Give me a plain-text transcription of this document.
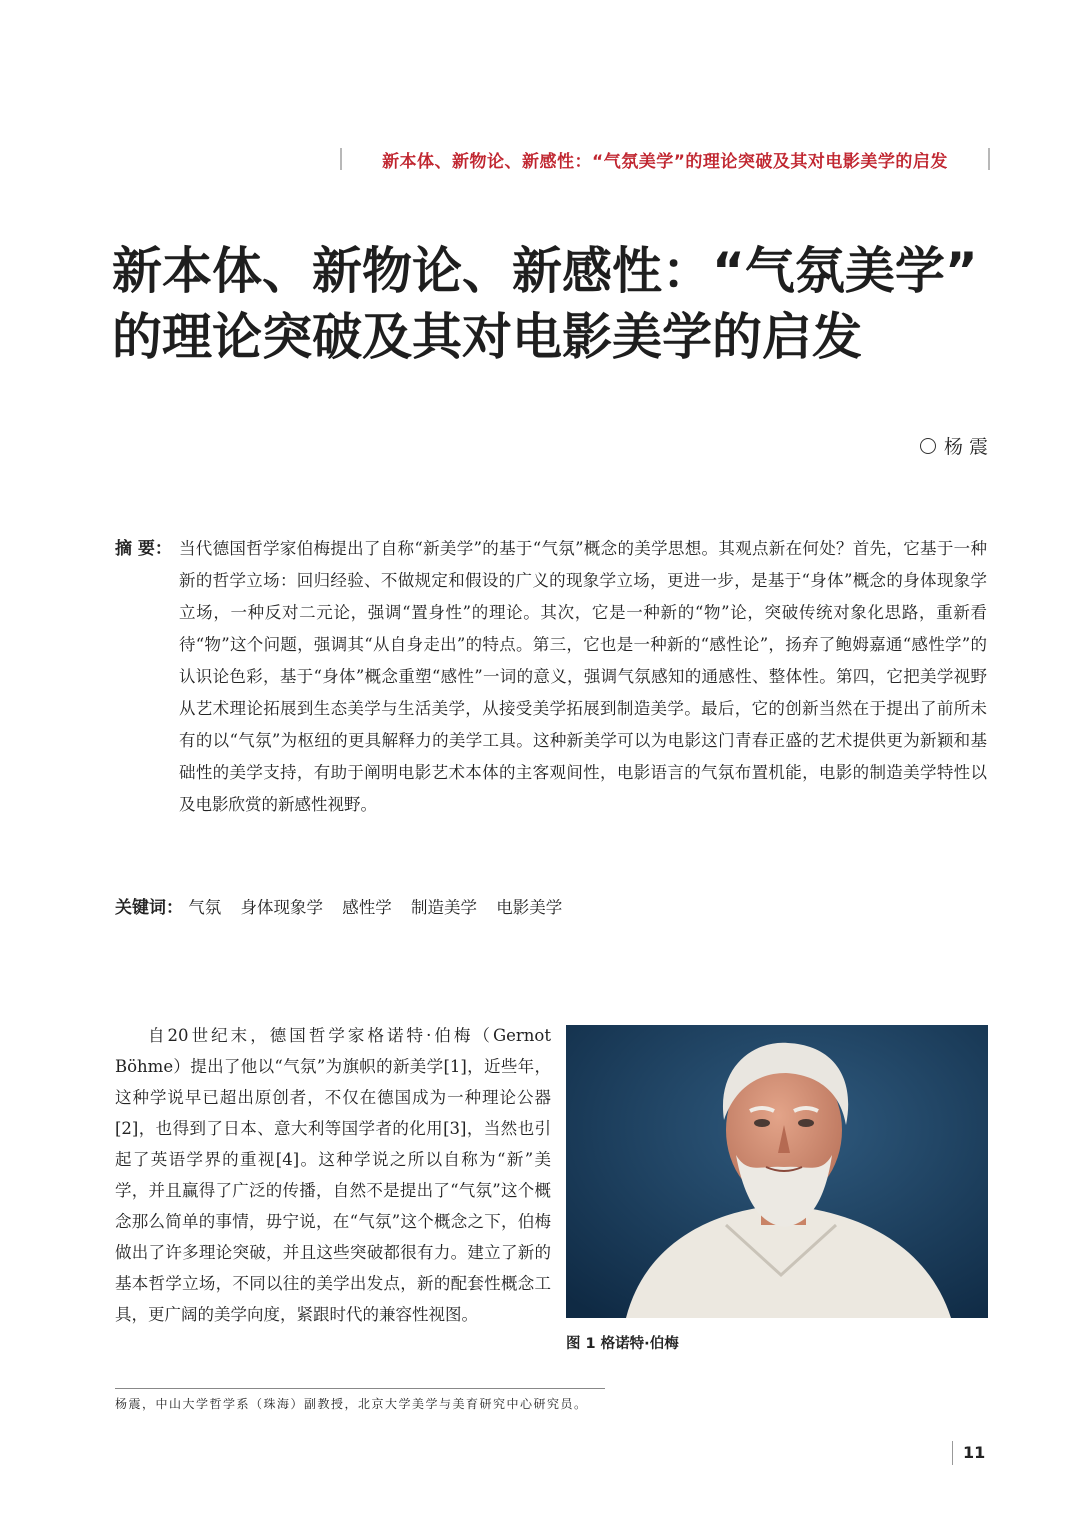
新本体、新物论、新感性：“气氛美学”的理论突破及其对电影美学的启发
新本体、新物论、新感性：“气氛美学”
的理论突破及其对电影美学的启发
杨 震
摘 要： 当代德国哲学家伯梅提出了自称“新美学”的基于“气氛”概念的美学思想。其观点新在何处？首先，它基于一种新的哲学立场：回归经验、不做规定和假设的广义的现象学立场，更进一步，是基于“身体”概念的身体现象学立场，一种反对二元论，强调“置身性”的理论。其次，它是一种新的“物”论，突破传统对象化思路，重新看待“物”这个问题，强调其“从自身走出”的特点。第三，它也是一种新的“感性论”，扬弃了鲍姆嘉通“感性学”的认识论色彩，基于“身体”概念重塑“感性”一词的意义，强调气氛感知的通感性、整体性。第四，它把美学视野从艺术理论拓展到生态美学与生活美学，从接受美学拓展到制造美学。最后，它的创新当然在于提出了前所未有的以“气氛”为枢纽的更具解释力的美学工具。这种新美学可以为电影这门青春正盛的艺术提供更为新颖和基础性的美学支持，有助于阐明电影艺术本体的主客观间性，电影语言的气氛布置机能，电影的制造美学特性以及电影欣赏的新感性视野。
关键词： 气氛 身体现象学 感性学 制造美学 电影美学

自20世纪末，德国哲学家格诺特·伯梅（Gernot Böhme）提出了他以“气氛”为旗帜的新美学[1]，近些年，这种学说早已超出原创者，不仅在德国成为一种理论公器[2]，也得到了日本、意大利等国学者的化用[3]，当然也引起了英语学界的重视[4]。这种学说之所以自称为“新”美学，并且赢得了广泛的传播，自然不是提出了“气氛”这个概念那么简单的事情，毋宁说，在“气氛”这个概念之下，伯梅做出了许多理论突破，并且这些突破都很有力。建立了新的基本哲学立场，不同以往的美学出发点，新的配套性概念工具，更广阔的美学向度，紧跟时代的兼容性视图。

图 1 格诺特·伯梅
杨震，中山大学哲学系（珠海）副教授，北京大学美学与美育研究中心研究员。
11
